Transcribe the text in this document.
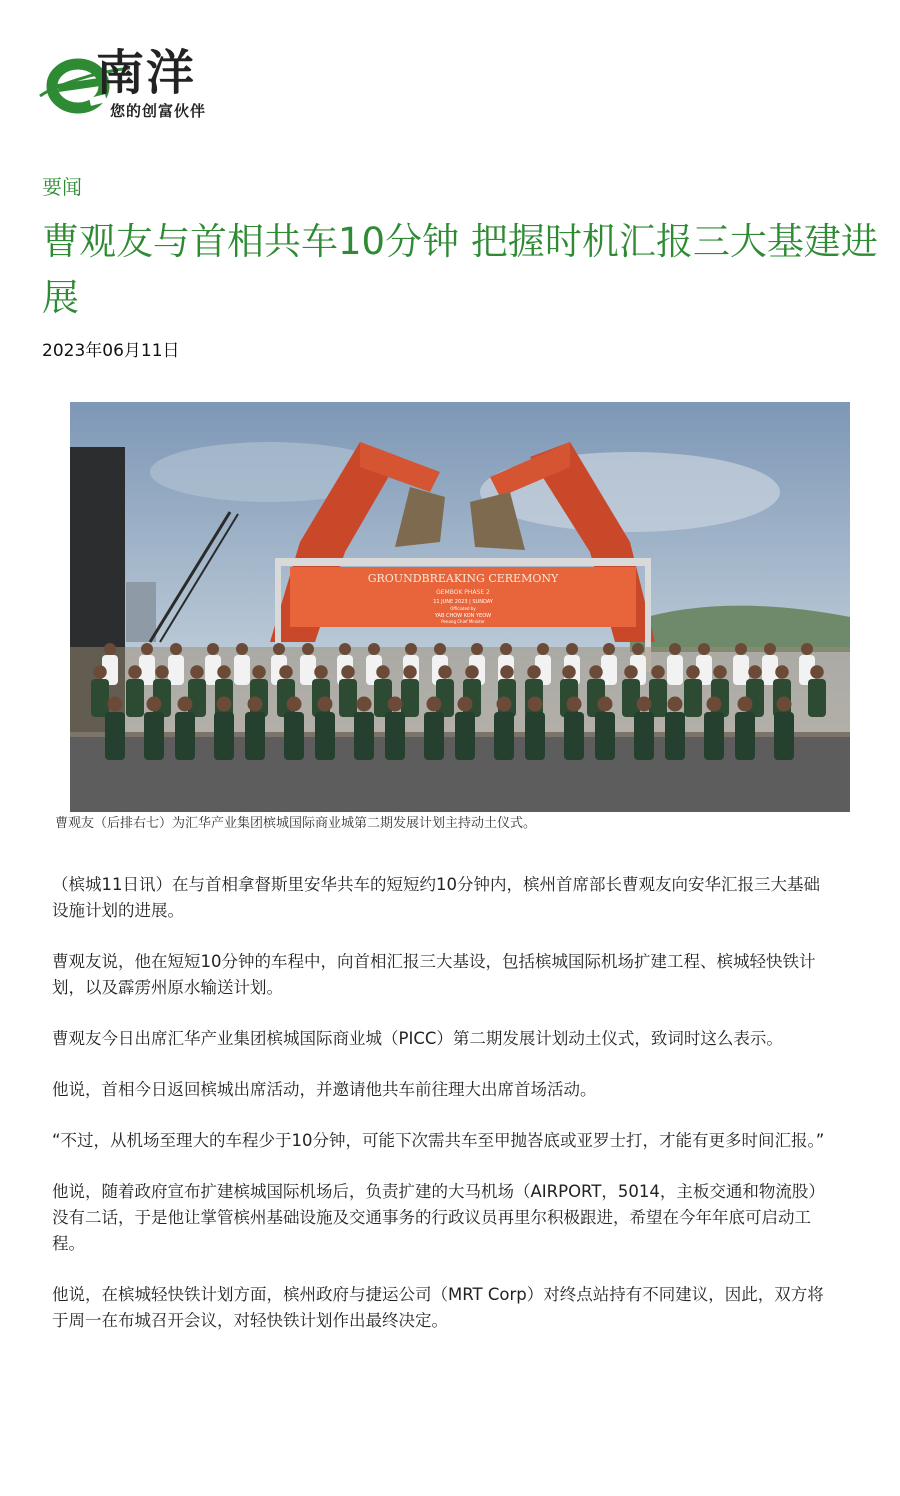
南洋
您的创富伙伴
要闻
曹观友与首相共车10分钟 把握时机汇报三大基建进展
2023年06月11日
GROUNDBREAKING CEREMONY
GEMBOK PHASE 2
11 JUNE 2023 | SUNDAY
Officiated by
YAB CHOW KON YEOW
Penang Chief Minister
曹观友（后排右七）为汇华产业集团槟城国际商业城第二期发展计划主持动土仪式。

（槟城11日讯）在与首相拿督斯里安华共车的短短约10分钟内，槟州首席部长曹观友向安华汇报三大基础设施计划的进展。

曹观友说，他在短短10分钟的车程中，向首相汇报三大基设，包括槟城国际机场扩建工程、槟城轻快铁计划，以及霹雳州原水输送计划。

曹观友今日出席汇华产业集团槟城国际商业城（PICC）第二期发展计划动土仪式，致词时这么表示。

他说，首相今日返回槟城出席活动，并邀请他共车前往理大出席首场活动。

“不过，从机场至理大的车程少于10分钟，可能下次需共车至甲抛峇底或亚罗士打，才能有更多时间汇报。”

他说，随着政府宣布扩建槟城国际机场后，负责扩建的大马机场（AIRPORT，5014，主板交通和物流股）没有二话，于是他让掌管槟州基础设施及交通事务的行政议员再里尔积极跟进，希望在今年年底可启动工程。

他说，在槟城轻快铁计划方面，槟州政府与捷运公司（MRT Corp）对终点站持有不同建议，因此，双方将于周一在布城召开会议，对轻快铁计划作出最终决定。
